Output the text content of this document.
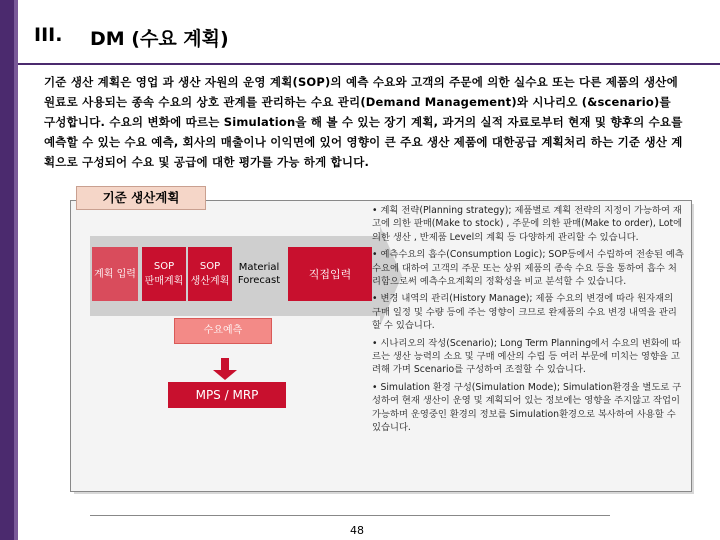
III. DM (수요 계획)
기준 생산 계획은 영업 과 생산 자원의 운영 계획(SOP)의 예측 수요와 고객의 주문에 의한 실수요 또는 다른 제품의 생산에 원료로 사용되는 종속 수요의 상호 관계를 관리하는 수요 관리(Demand Management)와 시나리오 (&scenario)를 구성합니다. 수요의 변화에 따르는 Simulation을 해 볼 수 있는 장기 계획, 과거의 실적 자료로부터 현재 및 향후의 수요를 예측할 수 있는 수요 예측, 회사의 매출이나 이익면에 있어 영향이 큰 주요 생산 제품에 대한공급 계획처리 하는 기준 생산 계획으로 구성되어 수요 및 공급에 대한 평가를 가능 하게 합니다.
기준 생산계획
계획 입력
SOP
판매계획
SOP
생산계획
Material
Forecast	직접입력
수요예측
MPS / MRP

• 계획 전략(Planning strategy); 제품별로 계획 전략의 지정이 가능하여 재고에 의한 판매(Make to stock) , 주문에 의한 판매(Make to order), Lot에 의한 생산 , 반제품 Level의 계획 등 다양하게 관리할 수 있습니다.

• 예측수요의 흡수(Consumption Logic); SOP등에서 수립하여 전송된 예측 수요에 대하여 고객의 주문 또는 상위 제품의 종속 수요 등을 통하여 흡수 처리함으로써 예측수요계획의 정확성을 비교 분석할 수 있습니다.

• 변경 내역의 관리(History Manage); 제품 수요의 변경에 따라 원자재의 구매 일정 및 수량 등에 주는 영향이 크므로 완제품의 수요 변경 내역을 관리할 수 있습니다.

• 시나리오의 작성(Scenario); Long Term Planning에서 수요의 변화에 따르는 생산 능력의 소요 및 구매 예산의 수립 등 여러 부문에 미치는 영향을 고려해 가며 Scenario를 구성하여 조절할 수 있습니다.

• Simulation 환경 구성(Simulation Mode); Simulation환경을 별도로 구성하여 현재 생산이 운영 및 계획되어 있는 정보에는 영향을 주지않고 작업이 가능하며 운영중인 환경의 정보를 Simulation환경으로 복사하여 사용할 수 있습니다.

48
